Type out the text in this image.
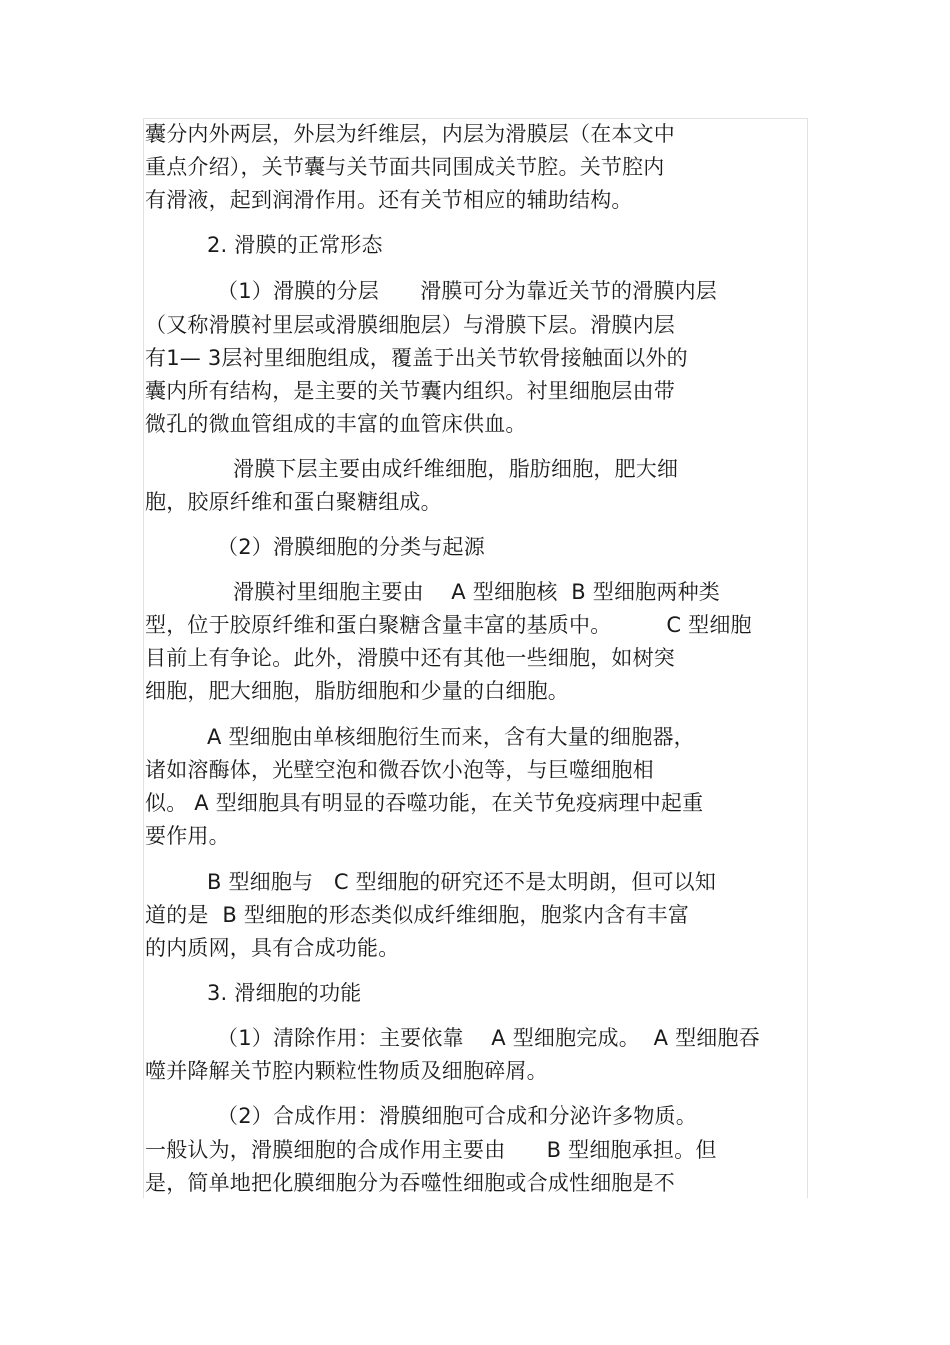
囊分内外两层，外层为纤维层，内层为滑膜层（在本文中
重点介绍），关节囊与关节面共同围成关节腔。关节腔内
有滑液，起到润滑作用。还有关节相应的辅助结构。
2. 滑膜的正常形态
（1）滑膜的分层      滑膜可分为靠近关节的滑膜内层
（又称滑膜衬里层或滑膜细胞层）与滑膜下层。滑膜内层
有1— 3层衬里细胞组成，覆盖于出关节软骨接触面以外的
囊内所有结构，是主要的关节囊内组织。衬里细胞层由带
微孔的微血管组成的丰富的血管床供血。
滑膜下层主要由成纤维细胞，脂肪细胞，肥大细
胞，胶原纤维和蛋白聚糖组成。
（2）滑膜细胞的分类与起源
滑膜衬里细胞主要由    A 型细胞核  B 型细胞两种类
型，位于胶原纤维和蛋白聚糖含量丰富的基质中。        C 型细胞
目前上有争论。此外，滑膜中还有其他一些细胞，如树突
细胞，肥大细胞，脂肪细胞和少量的白细胞。
A 型细胞由单核细胞衍生而来，含有大量的细胞器，
诸如溶酶体，光壁空泡和微吞饮小泡等，与巨噬细胞相
似。 A 型细胞具有明显的吞噬功能，在关节免疫病理中起重
要作用。
B 型细胞与   C 型细胞的研究还不是太明朗，但可以知
道的是  B 型细胞的形态类似成纤维细胞，胞浆内含有丰富
的内质网，具有合成功能。
3. 滑细胞的功能
（1）清除作用：主要依靠    A 型细胞完成。  A 型细胞吞
噬并降解关节腔内颗粒性物质及细胞碎屑。
（2）合成作用：滑膜细胞可合成和分泌许多物质。
一般认为，滑膜细胞的合成作用主要由      B 型细胞承担。但
是，简单地把化膜细胞分为吞噬性细胞或合成性细胞是不
